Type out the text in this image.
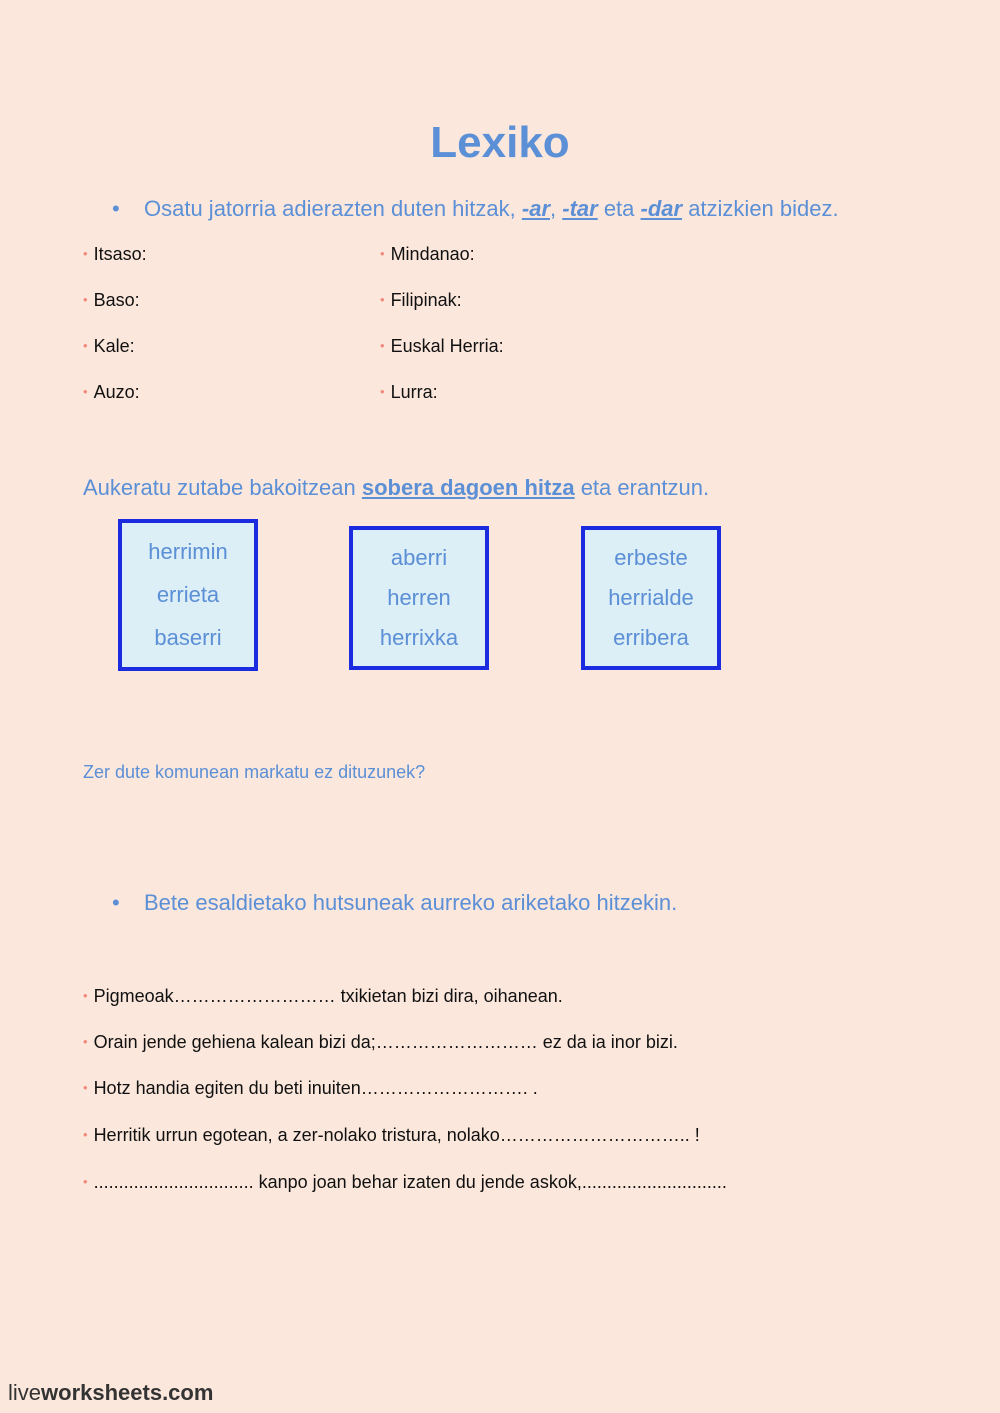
Lexiko
• Osatu jatorria adierazten duten hitzak, -ar, -tar eta -dar atzizkien bidez.
• Itsaso:
• Baso:
• Kale:
• Auzo:
• Mindanao:
• Filipinak:
• Euskal Herria:
• Lurra:
Aukeratu zutabe bakoitzean sobera dagoen hitza eta erantzun.
herrimin
errieta
baserri
aberri
herren
herrixka
erbeste
herrialde
erribera
Zer dute komunean markatu ez dituzunek?
• Bete esaldietako hutsuneak aurreko ariketako hitzekin.
• Pigmeoak……………………… txikietan bizi dira, oihanean.
• Orain jende gehiena kalean bizi da;……………………… ez da ia inor bizi.
• Hotz handia egiten du beti inuiten………………………. .
• Herritik urrun egotean, a zer-nolako tristura, nolako………………………….. !
• ................................ kanpo joan behar izaten du jende askok,.............................
liveworksheets.com
